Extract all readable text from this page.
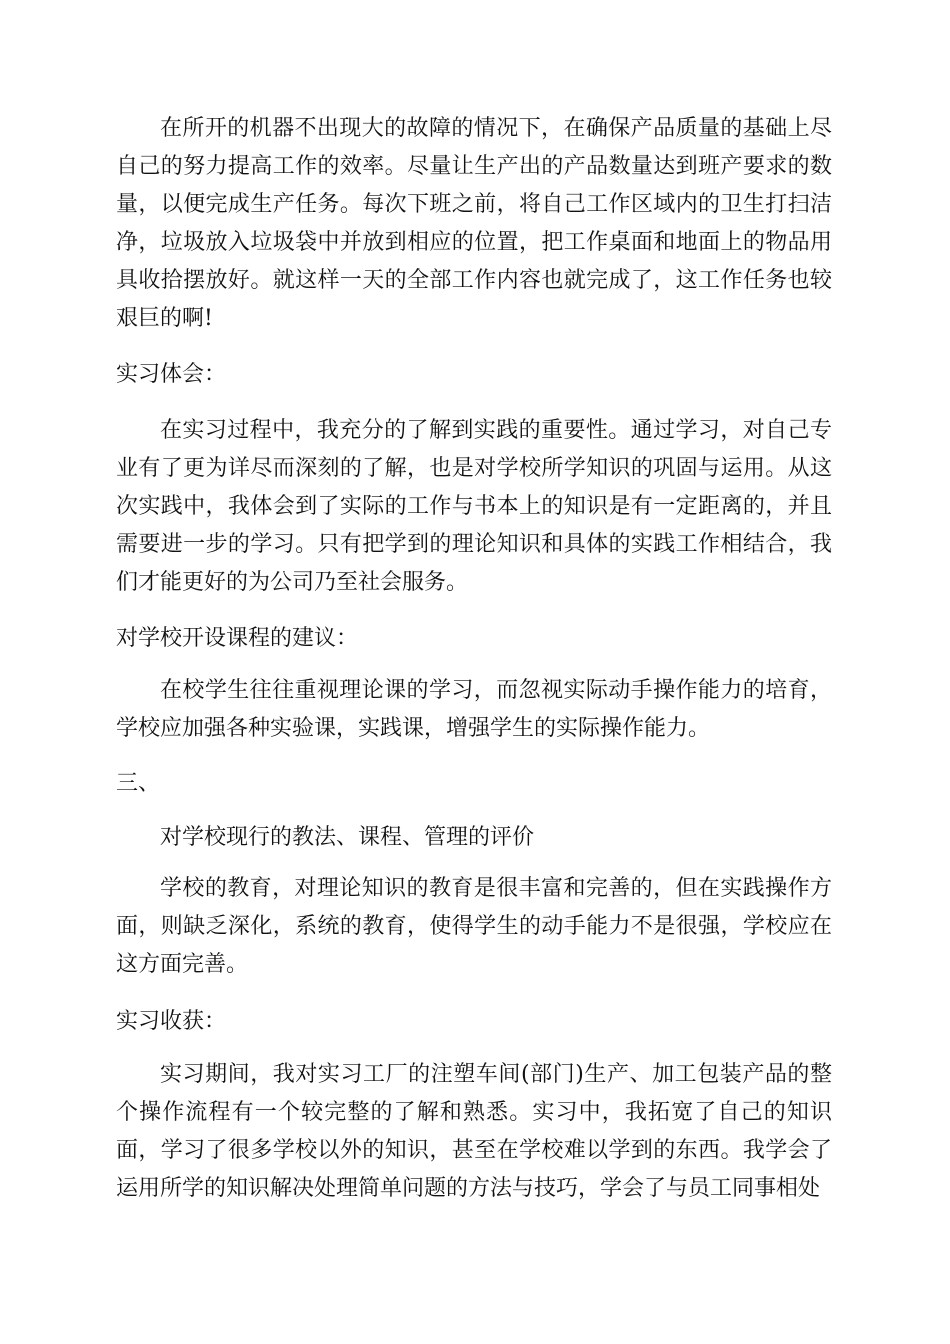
在所开的机器不出现大的故障的情况下，在确保产品质量的基础上尽自己的努力提高工作的效率。尽量让生产出的产品数量达到班产要求的数量，以便完成生产任务。每次下班之前，将自己工作区域内的卫生打扫洁净，垃圾放入垃圾袋中并放到相应的位置，把工作桌面和地面上的物品用具收拾摆放好。就这样一天的全部工作内容也就完成了，这工作任务也较艰巨的啊!

实习体会：

在实习过程中，我充分的了解到实践的重要性。通过学习，对自己专业有了更为详尽而深刻的了解，也是对学校所学知识的巩固与运用。从这次实践中，我体会到了实际的工作与书本上的知识是有一定距离的，并且需要进一步的学习。只有把学到的理论知识和具体的实践工作相结合，我们才能更好的为公司乃至社会服务。

对学校开设课程的建议：

在校学生往往重视理论课的学习，而忽视实际动手操作能力的培育，学校应加强各种实验课，实践课，增强学生的实际操作能力。

三、

对学校现行的教法、课程、管理的评价

学校的教育，对理论知识的教育是很丰富和完善的，但在实践操作方面，则缺乏深化，系统的教育，使得学生的动手能力不是很强，学校应在这方面完善。

实习收获：

实习期间，我对实习工厂的注塑车间(部门)生产、加工包装产品的整个操作流程有一个较完整的了解和熟悉。实习中，我拓宽了自己的知识面，学习了很多学校以外的知识，甚至在学校难以学到的东西。我学会了运用所学的知识解决处理简单问题的方法与技巧，学会了与员工同事相处
